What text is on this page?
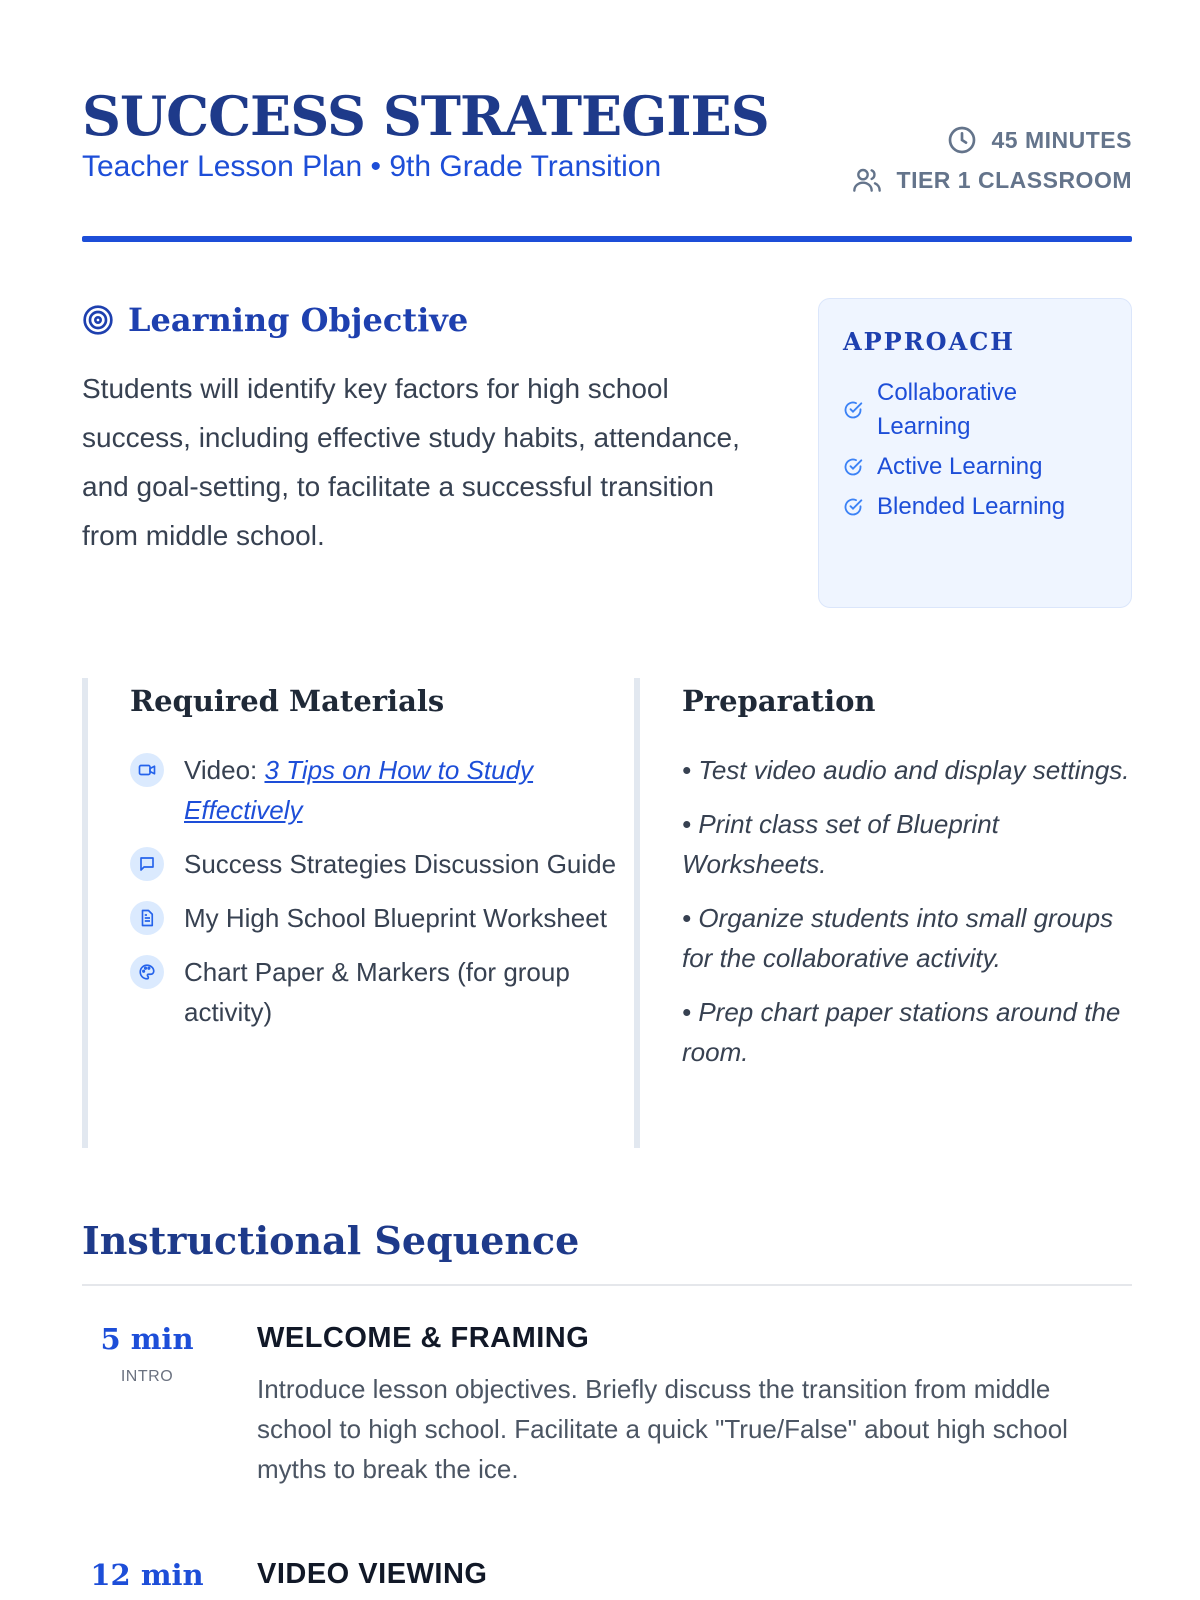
SUCCESS STRATEGIES
Teacher Lesson Plan • 9th Grade Transition
45 MINUTES
TIER 1 CLASSROOM
Learning Objective
Students will identify key factors for high school success, including effective study habits, attendance, and goal-setting, to facilitate a successful transition from middle school.
APPROACH
Collaborative Learning
Active Learning
Blended Learning
Required Materials
Video: 3 Tips on How to Study Effectively
Success Strategies Discussion Guide
My High School Blueprint Worksheet
Chart Paper & Markers (for group activity)
Preparation
• Test video audio and display settings.
• Print class set of Blueprint Worksheets.
• Organize students into small groups for the collaborative activity.
• Prep chart paper stations around the room.
Instructional Sequence
5 min
INTRO
WELCOME & FRAMING
Introduce lesson objectives. Briefly discuss the transition from middle school to high school. Facilitate a quick "True/False" about high school myths to break the ice.
12 min VIDEO VIEWING
